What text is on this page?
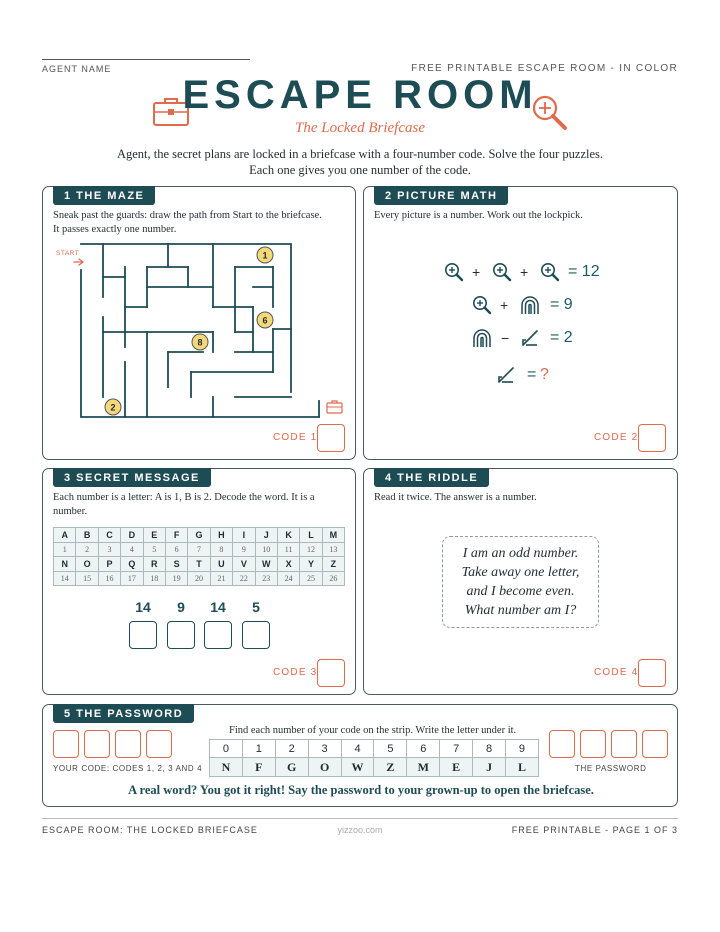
AGENT NAME	FREE PRINTABLE ESCAPE ROOM - IN COLOR
ESCAPE ROOM
The Locked Briefcase
Agent, the secret plans are locked in a briefcase with a four-number code. Solve the four puzzles.
Each one gives you one number of the code.
1 THE MAZE
Sneak past the guards: draw the path from Start to the briefcase.
It passes exactly one number.
START	1
6
8
2
CODE 1
2 PICTURE MATH
Every picture is a number. Work out the lockpick.
+	+ = 12
+	= 9
−	= 2
= ?
CODE 2
3 SECRET MESSAGE
Each number is a letter: A is 1, B is 2. Decode the word. It is a
number.
A	B	C	D	E	F	G	H	I	J	K	L	M
1	2	3	4	5	6	7	8	9	10	11	12	13
N	O	P	Q	R	S	T	U	V	W	X	Y	Z
14	15	16	17	18	19	20	21	22	23	24	25	26
14	9	14	5
CODE 3
4 THE RIDDLE
Read it twice. The answer is a number.
I am an odd number.
Take away one letter,
and I become even.
What number am I?
CODE 4
5 THE PASSWORD
Find each number of your code on the strip. Write the letter under it.
YOUR CODE: CODES 1, 2, 3 AND 4
0	1	2	3	4	5	6	7	8	9
N	F	G	O	W	Z	M	E	J	L	THE PASSWORD
A real word? You got it right! Say the password to your grown-up to open the briefcase.
ESCAPE ROOM: THE LOCKED BRIEFCASE	yizzoo.com	FREE PRINTABLE - PAGE 1 OF 3
